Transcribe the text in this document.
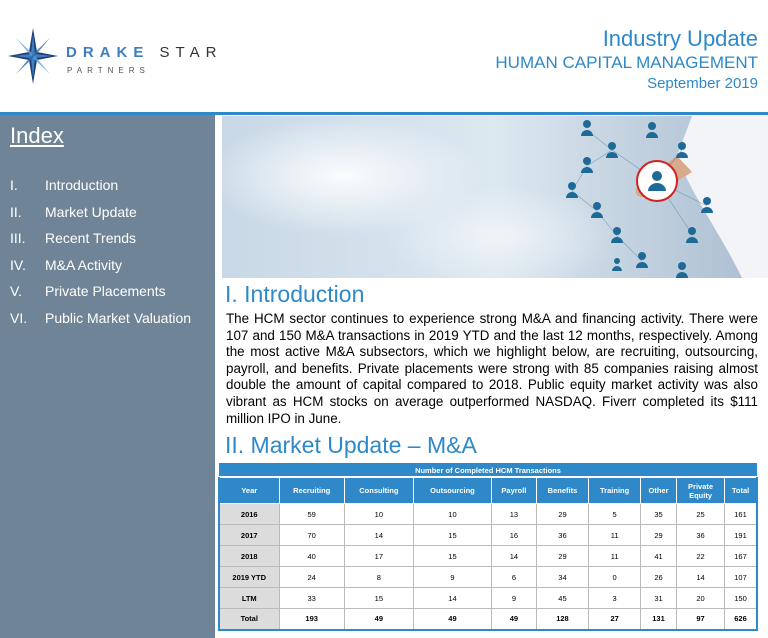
DRAKE STAR
PARTNERS
Industry Update
HUMAN CAPITAL MANAGEMENT
September 2019
Index
I.	Introduction
II.	Market Update
III.	Recent Trends
IV.	M&A Activity
V.	Private Placements
VI.	Public Market Valuation
I. Introduction

The HCM sector continues to experience strong M&A and financing activity. There were 107 and 150 M&A transactions in 2019 YTD and the last 12 months, respectively. Among the most active M&A subsectors, which we highlight below, are recruiting, outsourcing, payroll, and benefits. Private placements were strong with 85 companies raising almost double the amount of capital compared to 2018. Public equity market activity was also vibrant as HCM stocks on average outperformed NASDAQ. Fiverr completed its $111 million IPO in June.

II. Market Update – M&A
Number of Completed HCM Transactions
Year	Recruiting	Consulting	Outsourcing	Payroll	Benefits	Training	Other	Private Equity	Total
2016	59	10	10	13	29	5	35	25	161
2017	70	14	15	16	36	11	29	36	191
2018	40	17	15	14	29	11	41	22	167
2019 YTD	24	8	9	6	34	0	26	14	107
LTM	33	15	14	9	45	3	31	20	150
Total	193	49	49	49	128	27	131	97	626
